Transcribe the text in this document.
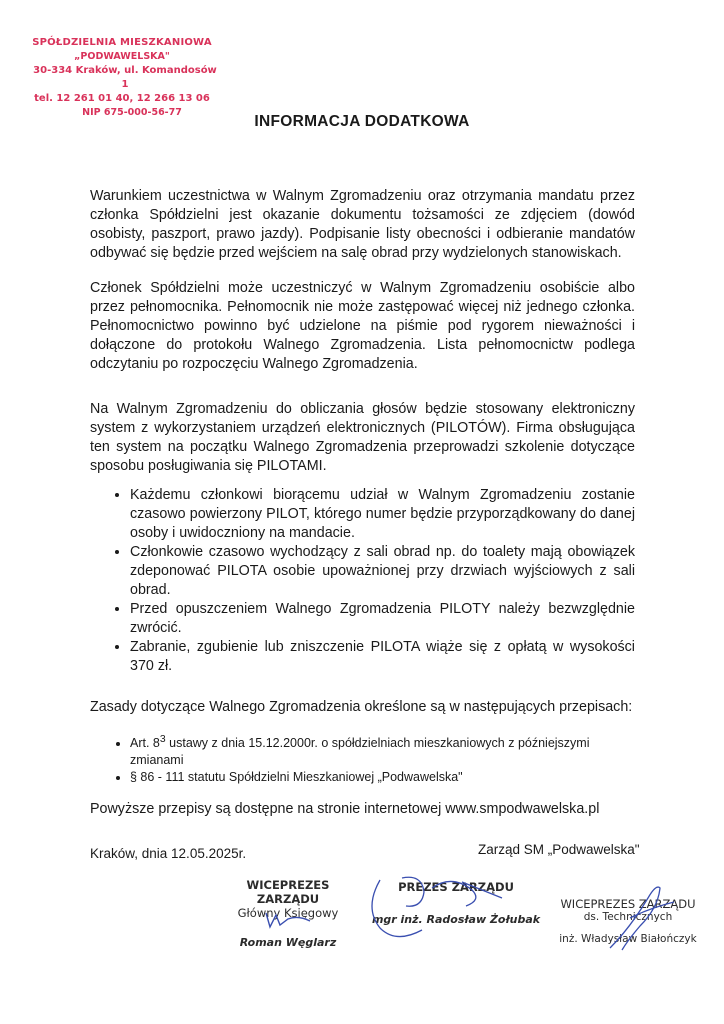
SPÓŁDZIELNIA MIESZKANIOWA
„PODWAWELSKA"
30-334 Kraków, ul. Komandosów 1
tel. 12 261 01 40, 12 266 13 06
NIP 675-000-56-77
INFORMACJA DODATKOWA

Warunkiem uczestnictwa w Walnym Zgromadzeniu oraz otrzymania mandatu przez członka Spółdzielni jest okazanie dokumentu tożsamości ze zdjęciem (dowód osobisty, paszport, prawo jazdy). Podpisanie listy obecności i odbieranie mandatów odbywać się będzie przed wejściem na salę obrad przy wydzielonych stanowiskach.

Członek Spółdzielni może uczestniczyć w Walnym Zgromadzeniu osobiście albo przez pełnomocnika. Pełnomocnik nie może zastępować więcej niż jednego członka. Pełnomocnictwo powinno być udzielone na piśmie pod rygorem nieważności i dołączone do protokołu Walnego Zgromadzenia. Lista pełnomocnictw podlega odczytaniu po rozpoczęciu Walnego Zgromadzenia.

Na Walnym Zgromadzeniu do obliczania głosów będzie stosowany elektroniczny system z wykorzystaniem urządzeń elektronicznych (PILOTÓW). Firma obsługująca ten system na początku Walnego Zgromadzenia przeprowadzi szkolenie dotyczące sposobu posługiwania się PILOTAMI.

• Każdemu członkowi biorącemu udział w Walnym Zgromadzeniu zostanie czasowo powierzony PILOT, którego numer będzie przyporządkowany do danej osoby i uwidoczniony na mandacie.
• Członkowie czasowo wychodzący z sali obrad np. do toalety mają obowiązek zdeponować PILOTA osobie upoważnionej przy drzwiach wyjściowych z sali obrad.
• Przed opuszczeniem Walnego Zgromadzenia PILOTY należy bezwzględnie zwrócić.
• Zabranie, zgubienie lub zniszczenie PILOTA wiąże się z opłatą w wysokości 370 zł.

Zasady dotyczące Walnego Zgromadzenia określone są w następujących przepisach:

• Art. $8^3$ ustawy z dnia 15.12.2000r. o spółdzielniach mieszkaniowych z późniejszymi zmianami
• § 86 - 111 statutu Spółdzielni Mieszkaniowej „Podwawelska"

Powyższe przepisy są dostępne na stronie internetowej www.smpodwawelska.pl

Kraków, dnia 12.05.2025r.	Zarząd SM „Podwawelska"
WICEPREZES ZARZĄDU
Główny Księgowy
Roman Węglarz
PREZES ZARZĄDU
mgr inż. Radosław Żołubak
WICEPREZES ZARZĄDU
ds. Technicznych
inż. Władysław Białończyk
